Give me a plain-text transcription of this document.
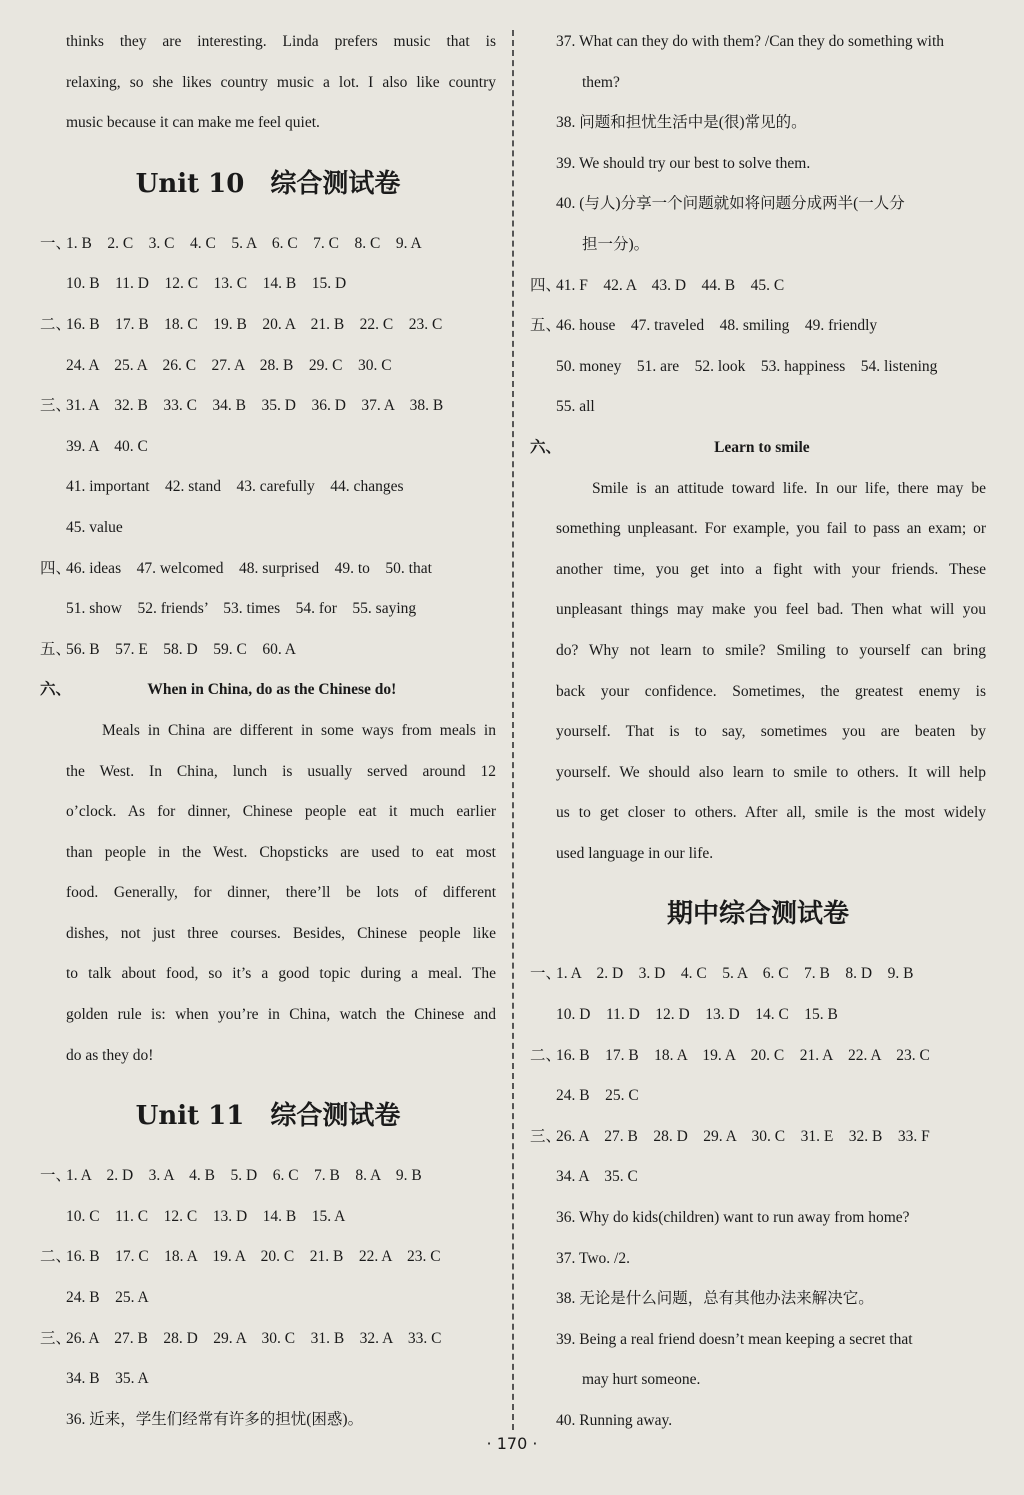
thinks they are interesting. Linda prefers music that is
relaxing, so she likes country music a lot. I also like country
music because it can make me feel quiet.
Unit 10　综合测试卷
一、1. B　2. C　3. C　4. C　5. A　6. C　7. C　8. C　9. A
10. B　11. D　12. C　13. C　14. B　15. D
二、16. B　17. B　18. C　19. B　20. A　21. B　22. C　23. C
24. A　25. A　26. C　27. A　28. B　29. C　30. C
三、31. A　32. B　33. C　34. B　35. D　36. D　37. A　38. B
39. A　40. C
41. important　42. stand　43. carefully　44. changes
45. value
四、46. ideas　47. welcomed　48. surprised　49. to　50. that
51. show　52. friends’　53. times　54. for　55. saying
五、56. B　57. E　58. D　59. C　60. A
六、	When in China, do as the Chinese do!
Meals in China are different in some ways from meals in
the West. In China, lunch is usually served around 12
o’clock. As for dinner, Chinese people eat it much earlier
than people in the West. Chopsticks are used to eat most
food. Generally, for dinner, there’ll be lots of different
dishes, not just three courses. Besides, Chinese people like
to talk about food, so it’s a good topic during a meal. The
golden rule is: when you’re in China, watch the Chinese and
do as they do!
Unit 11　综合测试卷
一、1. A　2. D　3. A　4. B　5. D　6. C　7. B　8. A　9. B
10. C　11. C　12. C　13. D　14. B　15. A
二、16. B　17. C　18. A　19. A　20. C　21. B　22. A　23. C
24. B　25. A
三、26. A　27. B　28. D　29. A　30. C　31. B　32. A　33. C
34. B　35. A
36. 近来，学生们经常有许多的担忧(困惑)。
37. What can they do with them? /Can they do something with
them?
38. 问题和担忧生活中是(很)常见的。
39. We should try our best to solve them.
40. (与人)分享一个问题就如将问题分成两半(一人分
担一分)。
四、41. F　42. A　43. D　44. B　45. C
五、46. house　47. traveled　48. smiling　49. friendly
50. money　51. are　52. look　53. happiness　54. listening
55. all
六、	Learn to smile
Smile is an attitude toward life. In our life, there may be
something unpleasant. For example, you fail to pass an exam; or
another time, you get into a fight with your friends. These
unpleasant things may make you feel bad. Then what will you
do? Why not learn to smile? Smiling to yourself can bring
back your confidence. Sometimes, the greatest enemy is
yourself. That is to say, sometimes you are beaten by
yourself. We should also learn to smile to others. It will help
us to get closer to others. After all, smile is the most widely
used language in our life.
期中综合测试卷
一、1. A　2. D　3. D　4. C　5. A　6. C　7. B　8. D　9. B
10. D　11. D　12. D　13. D　14. C　15. B
二、16. B　17. B　18. A　19. A　20. C　21. A　22. A　23. C
24. B　25. C
三、26. A　27. B　28. D　29. A　30. C　31. E　32. B　33. F
34. A　35. C
36. Why do kids(children) want to run away from home?
37. Two. /2.
38. 无论是什么问题，总有其他办法来解决它。
39. Being a real friend doesn’t mean keeping a secret that
may hurt someone.
40. Running away.
· 170 ·
